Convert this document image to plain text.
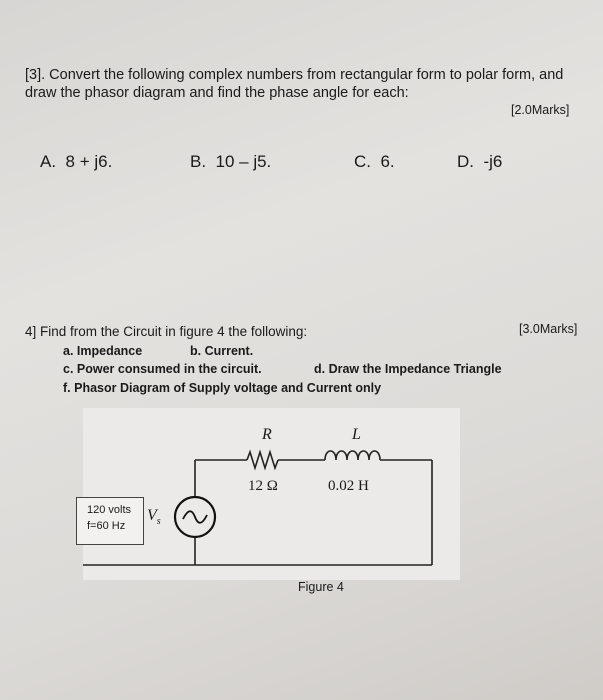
[3]. Convert the following complex numbers from rectangular form to polar form, and
draw the phasor diagram and find the phase angle for each:
[2.0Marks]
A. 8 + j6.	B. 10 – j5.	C. 6.	D. -j6
4] Find from the Circuit in figure 4 the following:	[3.0Marks]
a. Impedance	b. Current.
c. Power consumed in the circuit.	d. Draw the Impedance Triangle
f. Phasor Diagram of Supply voltage and Current only
R
12 Ω
L
0.02 H
120 volts
f=60 Hz
$V_s$
Figure 4
